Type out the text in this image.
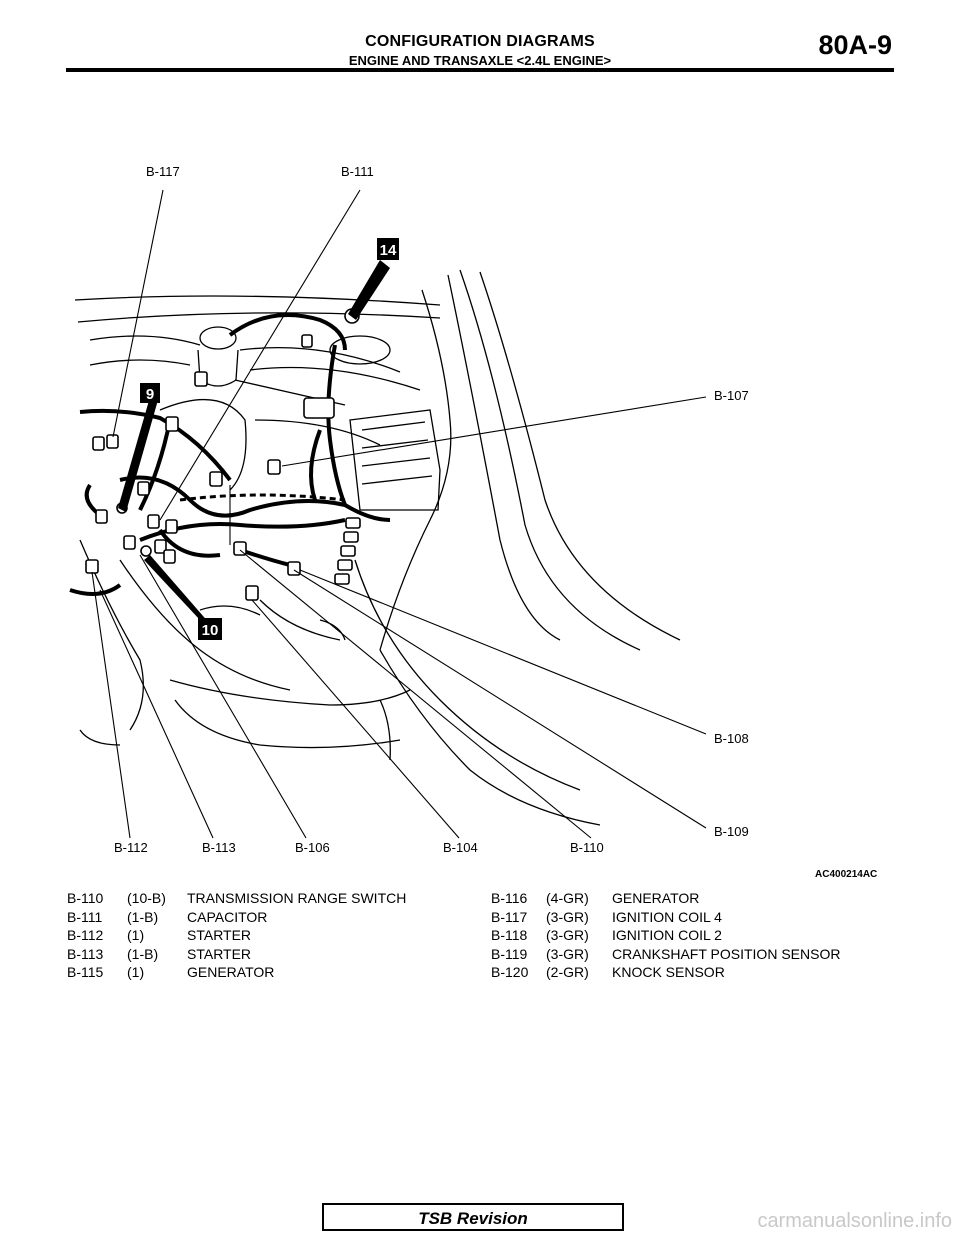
CONFIGURATION DIAGRAMS
ENGINE AND TRANSAXLE <2.4L ENGINE>
80A-9
14
9
10
B-117	B-111
B-107
B-108
B-109
B-112	B-113	B-106	B-104	B-110
AC400214AC
B-110	(10-B)	TRANSMISSION RANGE SWITCH
B-111	(1-B)	CAPACITOR
B-112	(1)	STARTER
B-113	(1-B)	STARTER
B-115	(1)	GENERATOR
B-116	(4-GR)	GENERATOR
B-117	(3-GR)	IGNITION COIL 4
B-118	(3-GR)	IGNITION COIL 2
B-119	(3-GR)	CRANKSHAFT POSITION SENSOR
B-120	(2-GR)	KNOCK SENSOR
TSB Revision	carmanualsonline.info
